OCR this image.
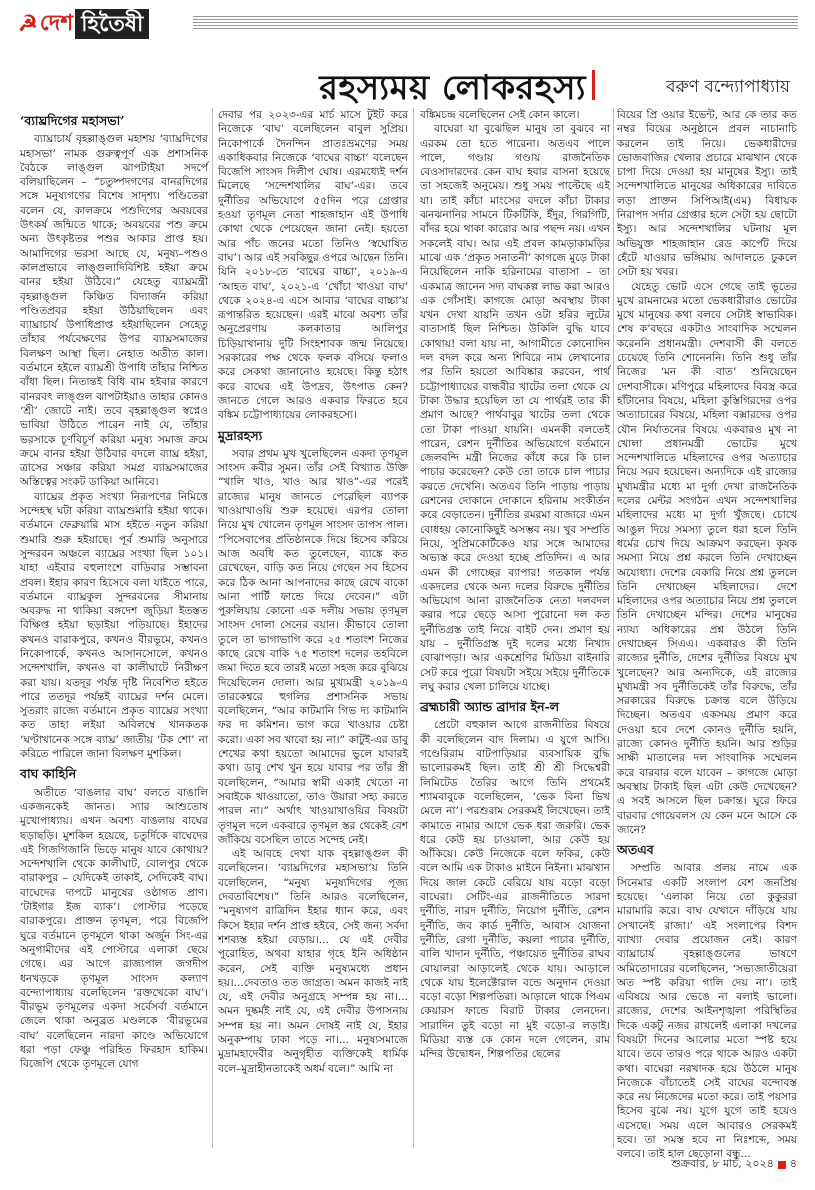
☭ দেশ হিতৈষী
রহস্যময় লোকরহস্য	বরুণ বন্দ্যোপাধ্যায়
‘ব্যাঘ্রদিগের মহাসভা’

ব্যাঘ্রাচার্য বৃহল্লাঙ্গুল মহাশয় ‘ব্যাঘ্রদিগের মহাসভা’ নামক গুরুত্বপূর্ণ এক প্রশাসনিক বৈঠকে লাঙ্গুল ঝাপটাইয়া সদর্পে বলিয়াছিলেন – “চতুষ্পদগণের বানরদিগের সঙ্গে মনুষ্যগণের বিশেষ সাদৃশ্য। পণ্ডিতেরা বলেন যে, কালক্রমে পশুদিগের অবয়বের উৎকর্ষ জন্মিতে থাকে; অবয়বের পশু ক্রমে অন্য উৎকৃষ্টতর পশুর আকার প্রাপ্ত হয়। আমাদিগের ভরসা আছে যে, মনুষ্য–পশুও কালপ্রভাবে লাঙ্গুলাদিবিশিষ্ট হইয়া ক্রমে বানর হইয়া উঠিবে।” যেহেতু ব্যাঘ্রমন্ত্রী বৃহল্লাঙ্গুল কিঞ্চিত বিদ্যার্জন করিয়া পণ্ডিতপ্রবর হইয়া উঠিয়াছিলেন এবং ব্যাঘ্রাচার্য উপাধিপ্রাপ্ত হইয়াছিলেন সেহেতু তাঁহার পর্যবেক্ষণের উপর ব্যাঘ্রসমাজের বিলক্ষণ আস্থা ছিল। নেহাত অতীত কাল। বর্তমানে হইলে ব্যাঘ্রশ্রী উপাধি তাঁহার নিশ্চিত বাঁধা ছিল। নিতান্তই বিধি বাম হইবার কারণে বানরবৎ লাঙ্গুল ঝাপটাইয়াও তাহার কোনও ‘শ্রী’ জোটে নাই। তবে বৃহল্লাঙ্গুল স্বপ্নেও ভাবিয়া উঠিতে পারেন নাই যে, তাঁহার ভরসাকে চূর্ণবিচূর্ণ করিয়া মনুষ্য সমাজ ক্রমে ক্রমে বানর হইয়া উঠিবার বদলে ব্যাঘ্র হইয়া, ত্রাসের সঞ্চার করিয়া সমগ্র ব্যাঘ্রসমাজের অস্তিত্বের সংকট ডাকিয়া আনিবে।

ব্যাঘ্রের প্রকৃত সংখ্যা নিরূপণের নিমিত্তে সন্দেহস্থ ঘটা করিয়া ব্যাঘ্রশুমারি হইয়া থাকে। বর্তমানে ফেব্রুয়ারি মাস হইতে নতুন করিয়া শুমারি শুরু হইয়াছে। পূর্ব শুমারি অনুসারে সুন্দরবন অঞ্চলে ব্যাঘ্রের সংখ্যা ছিল ১০১। যাহা এইবার বহুলাংশে বাড়িবার সম্ভাবনা প্রবল। ইহার কারণ হিসেবে বলা যাইতে পারে, বর্তমানে ব্যাঘ্রকুল সুন্দরবনের সীমানায় অবরুদ্ধ না থাকিয়া বঙ্গদেশ জুড়িয়া ইতস্তত বিক্ষিপ্ত হইয়া ছড়াইয়া পড়িয়াছে। ইহাদের কখনও বারাকপুরে, কখনও বীরভূমে, কখনও নিকোপার্কে, কখনও আসানসোলে, কখনও সন্দেশখালি, কখনও বা কালীঘাটে নিরীক্ষণ করা যায়। যতদূর পর্যন্ত দৃষ্টি নিবেশিত হইতে পারে ততদূর পর্যন্তই ব্যাঘ্রের দর্শন মেলে। সুতরাং রাজ্যে বর্তমানে প্রকৃত ব্যাঘ্রের সংখ্যা কত তাহা লইয়া অবিলম্বে খানকতক ‘ঘণ্টাখানেক সঙ্গে ব্যাঘ্র’ জাতীয় ‘টক শো’ না করিতে পারিলে জানা বিলক্ষণ মুশকিল।

বাঘ কাহিনি

অতীতে ‘বাঙলার বাঘ’ বলতে বাঙালি একজনকেই জানত। স্যার আশুতোষ মুখোপাধ্যায়। এখন অবশ্য বাঙলায় বাঘের ছড়াছড়ি। মুশকিল হয়েছে, চতুর্দিকে বাঘেদের এই গিজগিজানি ভিড়ে মানুষ যাবে কোথায়? সন্দেশখালি থেকে কালীঘাট, বোলপুর থেকে বারাকপুর – যেদিকেই তাকাই, সেদিকেই বাঘ। বাঘেদের দাপটে মানুষের ওষ্ঠাগত প্রাণ। ‘টাইগার ইজ ব্যাক’। পোস্টার পড়েছে বারাকপুরে। প্রাক্তন তৃণমূল, পরে বিজেপি ঘুরে বর্তমানে তৃণমূলে থাকা অর্জুন সিং-এর অনুগামীদের এই পোস্টারে এলাকা ছেয়ে গেছে। এর আগে রাজ্যপাল জগদীপ ধনখড়কে তৃণমূল সাংসদ কল্যাণ বন্দ্যোপাধ্যায় বলেছিলেন ‘রক্তখেকো বাঘ’। বীরভূম তৃণমূলের একদা সর্বেসর্বা বর্তমানে জেলে থাকা অনুব্রত মণ্ডলকে ‘বীরভূমের বাঘ’ বলেছিলেন নারদা কাণ্ডে অভিযোগে ধরা পড়া ফেঞ্চু পরিহিত ফিরহাদ হাকিম। বিজেপি থেকে তৃণমূলে যোগ

দেবার পর ২০২৩-এর মার্চ মাসে টুইট করে নিজেকে ‘বাঘ’ বলেছিলেন বাবুল সুপ্রিয়। নিকোপার্কে দৈনন্দিন প্রাতঃভ্রমণের সময় একাধিকবার নিজেকে ‘বাঘের বাচ্চা’ বলেছেন বিজেপি সাংসদ দিলীপ ঘোষ। এরমধ্যেই দর্শন মিলেছে ‘সন্দেশখালির বাঘ’-এর। তবে দুর্নীতির অভিযোগে ৫৫দিন পরে গ্রেপ্তার হওয়া তৃণমূল নেতা শাহজাহান এই উপাধি কোথা থেকে পেয়েছেন জানা নেই। হয়তো আর পাঁচ জনের মতো তিনিও ‘স্বঘোষিত বাঘ’। আর এই সবকিছুর ওপরে আছেন তিনি। যিনি ২০১৮-তে ‘বাঘের বাচ্চা’, ২০১৯-এ ‘আহত বাঘ’, ২০২১-এ ‘খোঁচা খাওয়া বাঘ’ থেকে ২০২৪-এ এসে আবার ‘বাঘের বাচ্চা’য় রূপান্তরিত হয়েছেন। এরই মাঝে অবশ্য তাঁর অনুপ্রেরণায় কলকাতার আলিপুর চিড়িয়াখানায় দুটি সিংহশাবক জন্ম নিয়েছে। সরকারের পক্ষ থেকে ফলক বসিয়ে ফলাও করে সেকথা জানানোও হয়েছে। কিন্তু হঠাৎ করে বাঘের এই উপদ্রব, উৎপাত কেন? জানতে গেলে আরও একবার ফিরতে হবে বঙ্কিম চট্টোপাধ্যায়ের লোকরহস্যে।

মুদ্রারহস্য

সবার প্রথম মুখ খুলেছিলেন একদা তৃণমূল সাংসদ কবীর সুমন। তাঁর সেই বিখ্যাত উক্তি “খালি খাও, খাও আর খাও”-এর পরেই রাজ্যের মানুষ জানতে পেরেছিল ব্যাপক খাওয়াখাওয়ি শুরু হয়েছে। এরপর তোলা নিয়ে মুখ খোলেন তৃণমূল সাংসদ তাপস পাল। “পিসেবাপের প্রতিষ্ঠানকে দিয়ে হিসেব করিয়ে আজ অবধি কত তুলেছেন, ব্যাঙ্কে কত রেখেছেন, বাড়ি কত নিয়ে গেছেন সব হিসেব করে ঠিক আনা আপনাদের কাছে রেখে বাকো আনা পার্টি ফান্ডে দিয়ে দেবেন।” এটা পুরুলিয়ায় কোনো এক দলীয় সভায় তৃণমূল সাংসদ দোলা সেনের বয়ান। কীভাবে তোলা তুলে তা ভাগাভাগি করে ২৫ শতাংশ নিজের কাছে রেখে বাকি ৭৫ শতাংশ দলের তহবিলে জমা দিতে হবে তারই মতো সহজ করে বুঝিয়ে দিয়েছিলেন দোলা। আর মুখ্যমন্ত্রী ২০১৯-এ তারকেশ্বরে হুগলির প্রশাসনিক সভায় বলেছিলেন, “আর কাটমানি গিভ দ্য কাটমানি ফর দ্য কমিশন। ভাগ করে খাওয়ার চেষ্টা করো। একা সব খাবো হয় না।” কাটুই-এর ডাবু শেখের কথা হয়তো আমাদের ভুলে যাবারই কথা। ডাবু শেখ খুন হয়ে যাবার পর তাঁর স্ত্রী বলেছিলেন, “আমার স্বামী একাই খেতো না সবাইকে খাওয়াতো, তাও উয়ারা সহ্য করতে পারল না।” অর্থাৎ খাওয়াখাওয়ির বিষয়টা তৃণমূল দলে একবারে তৃণমূল স্তর থেকেই বেশ জাঁকিয়ে বসেছিল তাতে সন্দেহ নেই।

এই আবহে দেখা যাক বৃহল্লাঙ্গুল কী বলেছিলেন। ‘ব্যাঘ্রদিগের মহাসভা’য় তিনি বলেছিলেন, “মনুষ্য মনুষ্যদিগের পূজ্য দেবতাবিশেষ।” তিনি আরও বলেছিলেন, “মনুষ্যগণ রাত্রিদিন ইহার ধ্যান করে, এবং কিসে ইহার দর্শন প্রাপ্ত হইবে, সেই জন্য সর্বদা শশব্যস্ত হইয়া বেড়ায়।... যে এই দেবীর পুরোহিত, অথবা যাহার গৃহে ইনি অধিষ্ঠান করেন, সেই ব্যক্তি মনুষ্যমধ্যে প্রধান হয়।...দেবতাও তত জাগ্রত। অমন কাজই নাই যে, এই দেবীর অনুগ্রহে সম্পন্ন হয় না।... অমন দুষ্কর্মই নাই যে, এই দেবীর উপাসনায় সম্পন্ন হয় না। অমন দোষই নাই যে, ইহার অনুকম্পায় ঢাকা পড়ে না।... মনুষ্যসমাজে মুদ্রামহাদেবীর অনুগৃহীত ব্যক্তিকেই ধার্মিক বলে–মুদ্রাহীনতাকেই অধর্ম বলে।” আমি না

বঙ্কিমচন্দ্র বলেছিলেন সেই কোন কালে।

বাঘেরা যা বুঝেছিল মানুষ তা বুঝবে না এরকম তো হতে পারেনা। অতএব পালে পালে, গণ্ডায় গণ্ডায় রাজনৈতিক বেওসাদারদের কেন বাঘ হবার বাসনা হয়েছে তা সহজেই অনুমেয়। শুধু সময় পাল্টেছে এই যা। তাই কাঁচা মাংসের বদলে কাঁচা টাকার ঝনঝনানির সামনে টিকটিকি, ইঁদুর, গিরগিটি, বাঁদর হয়ে থাকা কারোর আর পছন্দ নয়। এখন সকলেই বাঘ। আর এই প্রবল কামড়াকামড়ির মাঝে এক ‘প্রকৃত সনাতনী’ কাগজে মুড়ে টাকা নিয়েছিলেন নাকি হরিনামের বাতাসা – তা একমাত্র জানেন সদ্য বাঘকল্প লাভ করা আরও এক গোঁসাই। কাগজে মোড়া অবস্থায় টাকা যখন দেখা যায়নি তখন ওটা হরির লুটের বাতাসাই ছিল নিশ্চিত। উকিলি বুদ্ধি যাবে কোথায়! বলা যায় না, আগামীতে কোনোদিন দল বদল করে অন্য শিবিরে নাম লেখানোর পর তিনি হয়তো আবিষ্কার করবেন, পার্থ চট্টোপাধ্যায়ের বান্ধবীর খাটের তলা থেকে যে টাকা উদ্ধার হয়েছিল তা যে পার্থরই তার কী প্রমাণ আছে? পার্থবাবুর খাটের তলা থেকে তো টাকা পাওয়া যায়নি। এমনকী বলতেই পারেন, রেশন দুর্নীতির অভিযোগে বর্তমানে জেলবন্দি মন্ত্রী নিজের কাঁধে করে কি চাল পাচার করেছেন? কেউ তো তাকে চাল পাচার করতে দেখেনি। অতএব তিনি পাড়ায় পাড়ায় রেশনের দোকানে দোকানে হরিনাম সংকীর্তন করে বেড়াতেন। দুর্নীতির রমরমা বাজারে এমন বোধহয় কোনোকিছুই অসম্ভব নয়। খুব সম্প্রতি নিয়ে, সুপ্রিমকোর্টকেও যার সঙ্গে আমাদের অভ্যস্ত করে দেওয়া হচ্ছে প্রতিদিন। এ আর এমন কী গোচ্ছের ব্যাপার! গতকাল পর্যন্ত একদলের থেকে অন্য দলের বিরুদ্ধে দুর্নীতির অভিযোগ আনা রাজনৈতিক নেতা দলবদল করার পরে ছেড়ে আসা পুরোনো দল কত দুর্নীতিগ্রস্ত তাই নিয়ে বাইট দেন। প্রমাণ হয় যায় – দুর্নীতিগ্রস্ত দুই দলের মধ্যে নিখাদ বোঝাপড়া। আর একশ্রেণির মিডিয়া বাইনারি সেট করে পুরো বিষয়টা সইয়ে সইয়ে দুর্নীতিকে লঘু করার খেলা চালিয়ে যাচ্ছে।

ব্রহ্মচারী অ্যান্ড ব্রাদার ইন-ল

প্রেটো বহুকাল আগে রাজনীতির বিষয়ে কী বলেছিলেন বাদ দিলাম। এ যুগে আসি। গণ্ডেরিরাম বাটপাড়িয়ার ব্যবসায়িক বুদ্ধি ভালোরকমই ছিল। তাই শ্রী শ্রী সিদ্ধেশ্বরী লিমিটেড তৈরির আগে তিনি প্রথমেই শ্যামবাবুকে বলেছিলেন, ‘ভেক বিনা ভিখ মেলে না’। পরশুরাম সেরকমই লিখেছেন। তাই কামাতে নামার আগে ভেক ধরা জরুরি। ভেক ধরে কেউ হয় চাওয়ালা, আর কেউ হয় আঁকিয়ে। কেউ নিজেকে বলে ফকির, কেউ বলে আমি এক টাকাও মাইনে নিইনা। মাঝখান দিয়ে জাল কেটে বেরিয়ে যায় বড়ো বড়ো বাঘেরা। সেটিং-এর রাজনীতিতে সারদা দুর্নীতি, নারদ দুর্নীতি, নিয়োগ দুর্নীতি, রেশন দুর্নীতি, জব কার্ড দুর্নীতি, আবাস যোজনা দুর্নীতি, রেগা দুর্নীতি, কয়লা পাচার দুর্নীতি, বালি খাদান দুর্নীতি, পঞ্চায়েত দুর্নীতির রাঘব বোয়ালরা আড়ালেই থেকে যায়। আড়ালে থেকে যায় ইলেক্টোরাল বন্ডে অনুদান দেওয়া বড়ো বড়ো শিল্পপতিরা। আড়ালে থাকে পিএম কেয়ারস ফান্ডে বিরাট টাকার লেনদেন। সারাদিন তুই বড়ো না মুই বড়ো-র লড়াই। মিডিয়া ব্যস্ত কে কোন দলে গেলেন, রাম মন্দির উদ্বোধন, শিল্পপতির ছেলের

বিয়ের প্রি ওয়ার ইভেন্ট, আর কে তার কত নম্বর বিয়ের অনুষ্ঠানে প্রবল নাচানাচি করলেন তাই নিয়ে। ভেকধারীদের ভোজবাজির খেলার প্রচারে মাঝখান থেকে চাপা দিয়ে দেওয়া হয় মানুষের ইস্যু। তাই সন্দেশখালিতে মানুষের অধিকারের দাবিতে লড়া প্রাক্তন সিপিআই(এম) বিধায়ক নিরাপদ সর্দার গ্রেপ্তার হলে সেটা হয় ছোটো ইস্যু। আর সন্দেশখালির ঘটনায় মূল অভিযুক্ত শাহজাহান রেড কার্পেট দিয়ে হেঁটে যাওয়ার ভঙ্গিমায় আদালতে ঢুকলে সেটা হয় খবর।

যেহেতু ভোট এসে গেছে তাই ভূতের মুখে রামনামের মতো ভেকধারীরাও ভোটের মুখে মানুষের কথা বলবে সেটাই স্বাভাবিক। শেষ ক’বছরে একটাও সাংবাদিক সম্মেলন করেননি প্রধানমন্ত্রী। দেশবাসী কী বলতে চেয়েছে তিনি শোনেননি। তিনি শুধু তাঁর নিজের ‘মন কী বাত’ শুনিয়েছেন দেশবাসীকে। মণিপুরে মহিলাদের বিবস্ত্র করে হাঁটানোর বিষয়ে, মহিলা কুস্তিগিরদের ওপর অত্যাচারের বিষয়ে, মহিলা বক্সারদের ওপর যৌন নির্যাতনের বিষয়ে একবারও মুখ না খোলা প্রধানমন্ত্রী ভোটের মুখে সন্দেশখালিতে মহিলাদের ওপর অত্যাচার নিয়ে সরব হয়েছেন। অন্যদিকে এই রাজ্যের মুখ্যমন্ত্রীর মধ্যে মা দুর্গা দেখা রাজনৈতিক দলের মেন্টর সংগঠন এখন সন্দেশখালির মহিলাদের মধ্যে মা দুর্গা খুঁজছে। চোখে আঙুল দিয়ে সমস্যা তুলে ধরা হলে তিনি ধর্মের চোখ দিয়ে আক্রমণ করছেন। কৃষক সমস্যা নিয়ে প্রশ্ন করলে তিনি দেখাচ্ছেন অযোধ্যা। দেশের বেকারি নিয়ে প্রশ্ন তুললে তিনি দেখাচ্ছেন মহিলাদের। দেশে মহিলাদের ওপর অত্যাচার নিয়ে প্রশ্ন তুললে তিনি দেখাচ্ছেন মন্দির। দেশের মানুষের ন্যায্য অধিকারের প্রশ্ন উঠলে তিনি দেখাচ্ছেন সিএএ। একবারও কী তিনি রাজ্যের দুর্নীতি, দেশের দুর্নীতির বিষয়ে মুখ খুলেছেন? আর অন্যদিকে, এই রাজ্যের মুখ্যমন্ত্রী সব দুর্নীতিকেই তাঁর বিরুদ্ধে, তাঁর সরকারের বিরুদ্ধে চক্রান্ত বলে উড়িয়ে দিচ্ছেন। অতএব একসময় প্রমাণ করে দেওয়া হবে দেশে কোনও দুর্নীতি হয়নি, রাজ্যে কোনও দুর্নীতি হয়নি। আর শুড়ির সাক্ষী মাতালের দল সাংবাদিক সম্মেলন করে বারবার বলে যাবেন – কাগজে মোড়া অবস্থায় টাকাই ছিল এটা কেউ দেখেছেন? এ সবই আসলে ছিল চক্রান্ত। ঘুরে ফিরে বারবার গোয়েবলস যে কেন মনে আসে কে জানে?

অতএব

সম্প্রতি আবার প্রলয় নামে এক সিনেমার একটি সংলাপ বেশ জনপ্রিয় হয়েছে। ‘এলাকা নিয়ে তো কুকুররা মারামারি করে। বাঘ যেখানে দাঁড়িয়ে যায় সেখানেই রাজা।’ এই সংলাপের বিশদ ব্যাখ্যা দেবার প্রয়োজন নেই। কারণ ব্যাঘ্রাচার্য বৃহল্লাঙ্গুলের ভাষণে অমিতোদারের বলেছিলেন, ‘সভ্যজাতীয়েরা অত স্পষ্ট করিয়া গালি দেয় না’। তাই এবিষয়ে আর ভেঙে না বলাই ভালো। রাজ্যের, দেশের আইনশৃঙ্খলা পরিস্থিতির দিকে একটু নজর রাখলেই এলাকা দখলের বিষয়টা দিনের আলোর মতো স্পষ্ট হয়ে যাবে। তবে তারও পরে থাকে আরও একটা কথা। বাঘেরা নরখাদক হয়ে উঠলে মানুষ নিজেকে বাঁচাতেই সেই বাঘের বন্দোবস্ত করে নয় নিজেদের মতো করে। তাই পয়সার হিসেব বুঝে নয়। যুগে যুগে তাই হয়েও এসেছে। সময় এলে আবারও সেরকমই হবে। তা সমস্ত হবে না নিঃশব্দে, সময় বলবে। তাই হাল ছেড়োনা বন্ধু...

শুক্রবার, ৮ মার্চ, ২০২৪ ৪
